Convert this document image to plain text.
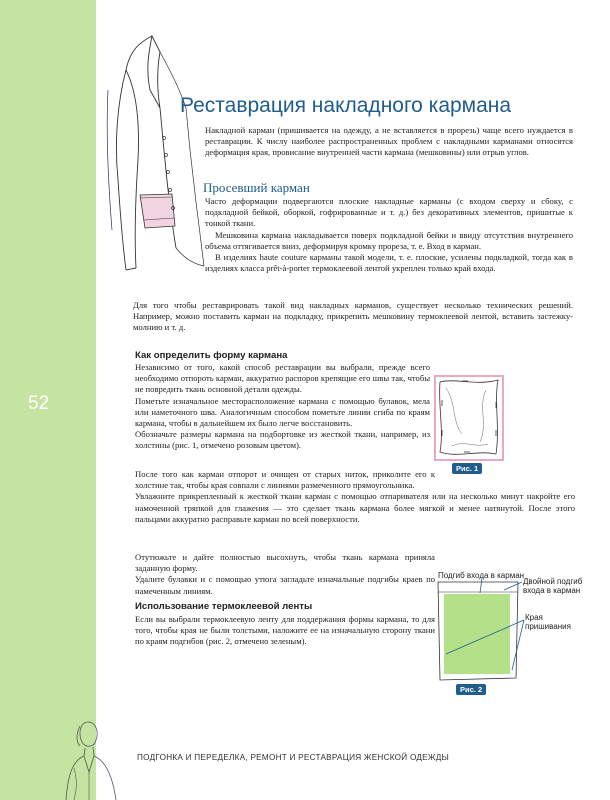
52
Реставрация накладного кармана
Накладной карман (пришивается на одежду, а не вставляется в прорезь) чаще всего нуждается в реставрации. К числу наиболее распространенных проблем с накладными карманами относятся деформация края, провисание внутренней части кармана (мешковины) или отрыв углов.
Просевший карман

Часто деформации подвергаются плоские накладные карманы (с входом сверху и сбоку, с подкладной бейкой, оборкой, гофрированные и т. д.) без декоративных элементов, пришитые к тонкой ткани.

Мешковина кармана накладывается поверх подкладной бейки и ввиду отсутствия внутреннего объема оттягивается вниз, деформируя кромку прореза, т. е. Вход в карман.

В изделиях haute couture карманы такой модели, т. е. плоские, усилены подкладкой, тогда как в изделиях класса prêt-à-porter термоклеевой лентой укреплен только край входа.

Для того чтобы реставрировать такой вид накладных карманов, существует несколько технических решений. Например, можно поставить карман на подкладку, прикрепить мешковину термоклеевой лентой, вставить застежку-молнию и т. д.
Как определить форму кармана

Независимо от того, какой способ реставрации вы выбрали, прежде всего необходимо отпороть карман, аккуратно распоров крепящие его швы так, чтобы не повредить ткань основной детали одежды.

Пометьте изначальное месторасположение кармана с помощью булавок, мела или наметочного шва. Аналогичным способом пометьте линии сгиба по краям кармана, чтобы в дальнейшем их было легче восстановить.

Обозначьте размеры кармана на подбортовке из жесткой ткани, например, из холстины (рис. 1, отмечено розовым цветом).

После того как карман отпорот и очищен от старых ниток, приколите его к холстине так, чтобы края совпали с линиями размеченного прямоугольника.

Увлажните прикрепленный к жесткой ткани карман с помощью отпаривателя или на несколько минут накройте его намоченной тряпкой для глажения — это сделает ткань кармана более мягкой и менее натянутой. После этого пальцами аккуратно расправьте карман по всей поверхности.

Отутюжьте и дайте полностью высохнуть, чтобы ткань кармана приняла заданную форму.

Удалите булавки и с помощью утюга загладьте изначальные подгибы краев по намеченным линиям.

Использование термоклеевой ленты
Если вы выбрали термоклеевую ленту для поддержания формы кармана, то для того, чтобы края не были толстыми, наложите ее на изначальную сторону ткани по краям подгибов (рис. 2, отмечено зеленым).
Рис. 1
Подгиб входа в карман
Двойной подгиб входа в карман
Края пришивания
Рис. 2
ПОДГОНКА И ПЕРЕДЕЛКА, РЕМОНТ И РЕСТАВРАЦИЯ ЖЕНСКОЙ ОДЕЖДЫ
